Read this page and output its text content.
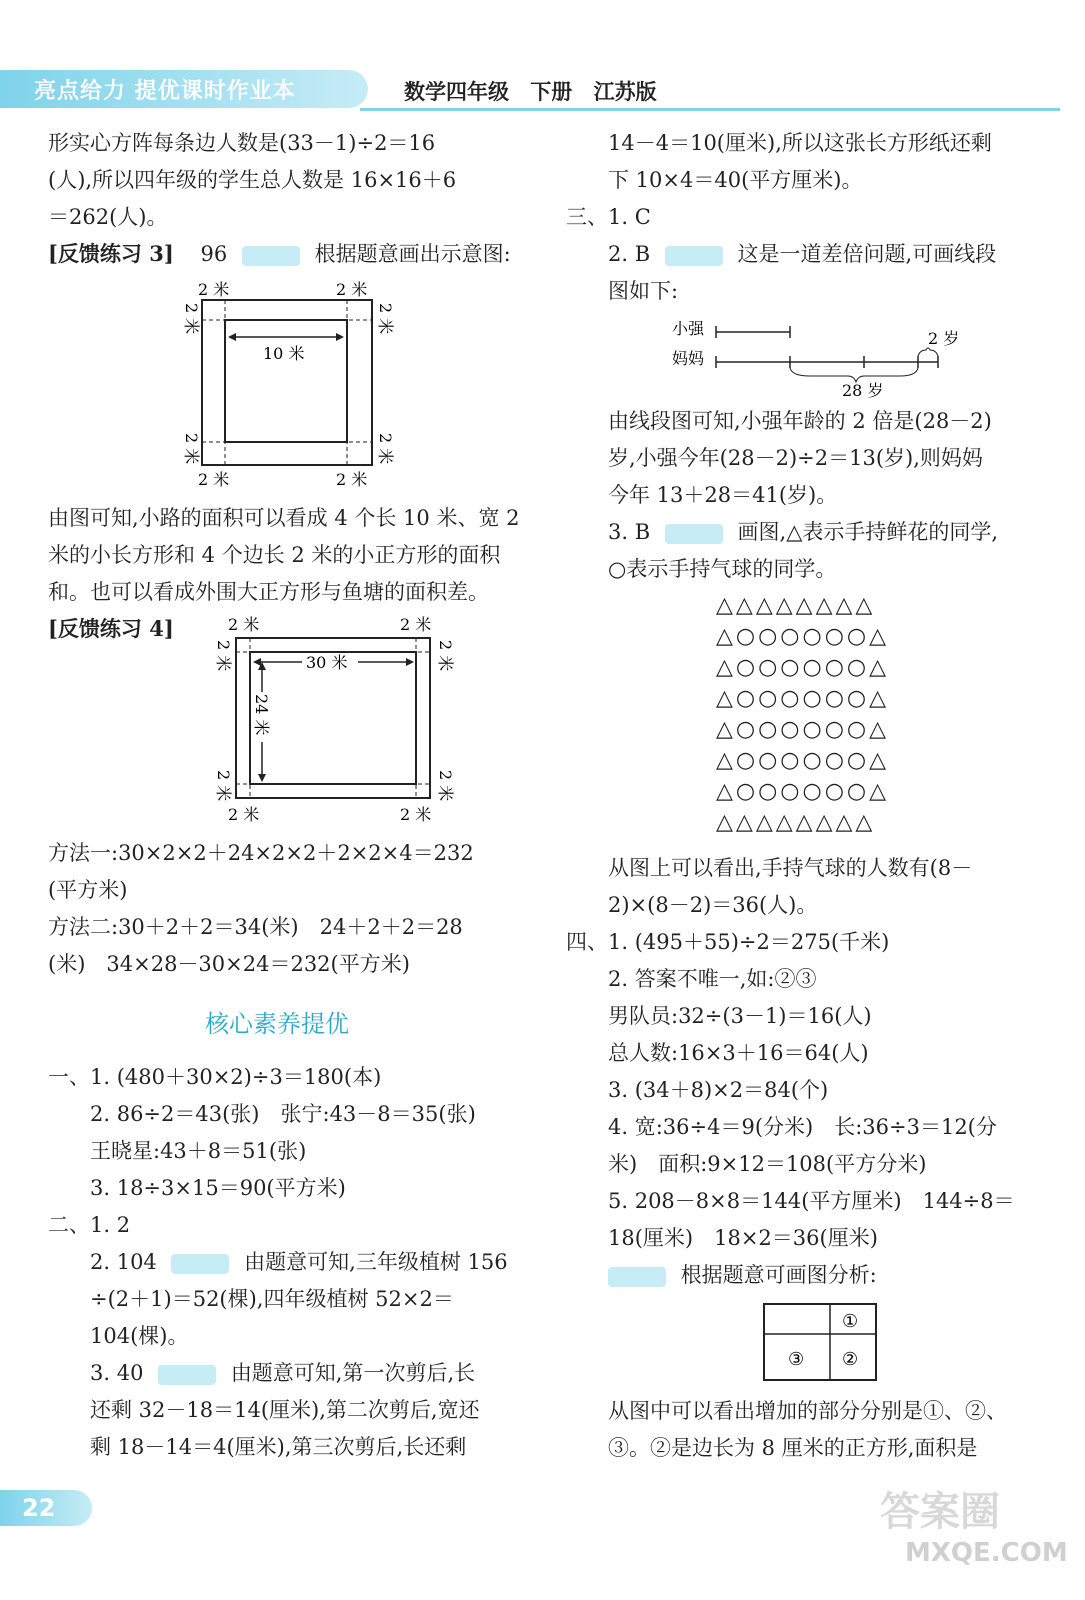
亮点给力 提优课时作业本	数学四年级 下册 江苏版
形实心方阵每条边人数是(33－1)÷2＝16
(人),所以四年级的学生总人数是 16×16＋6
＝262(人)。
[反馈练习 3] 96	根据题意画出示意图:
10 米
2 米	2 米
2 米	2 米
2 米	2 米
2 米	2 米
由图可知,小路的面积可以看成 4 个长 10 米、宽 2
米的小长方形和 4 个边长 2 米的小正方形的面积
和。也可以看成外围大正方形与鱼塘的面积差。
[反馈练习 4]
30 米
24 米
2 米	2 米
2 米	2 米
2 米	2 米
2 米	2 米
方法一:30×2×2＋24×2×2＋2×2×4＝232
(平方米)
方法二:30＋2＋2＝34(米)　24＋2＋2＝28
(米)　34×28－30×24＝232(平方米)
核心素养提优
一、1. (480＋30×2)÷3＝180(本)
2. 86÷2＝43(张)　张宁:43－8＝35(张)
王晓星:43＋8＝51(张)
3. 18÷3×15＝90(平方米)
二、1. 2
2. 104	由题意可知,三年级植树 156
÷(2＋1)＝52(棵),四年级植树 52×2＝
104(棵)。
3. 40	由题意可知,第一次剪后,长
还剩 32－18＝14(厘米),第二次剪后,宽还
剩 18－14＝4(厘米),第三次剪后,长还剩
14－4＝10(厘米),所以这张长方形纸还剩
下 10×4＝40(平方厘米)。
三、1. C
2. B	这是一道差倍问题,可画线段
图如下:
小强
妈妈
2 岁
28 岁
由线段图可知,小强年龄的 2 倍是(28－2)
岁,小强今年(28－2)÷2＝13(岁),则妈妈
今年 13＋28＝41(岁)。
3. B	画图,△表示手持鲜花的同学,
○表示手持气球的同学。
△△△△△△△△
△○○○○○○△
△○○○○○○△
△○○○○○○△
△○○○○○○△
△○○○○○○△
△○○○○○○△
△△△△△△△△
从图上可以看出,手持气球的人数有(8－
2)×(8－2)＝36(人)。
四、1. (495＋55)÷2＝275(千米)
2. 答案不唯一,如:②③
男队员:32÷(3－1)＝16(人)
总人数:16×3＋16＝64(人)
3. (34＋8)×2＝84(个)
4. 宽:36÷4＝9(分米)　长:36÷3＝12(分
米)　面积:9×12＝108(平方分米)
5. 208－8×8＝144(平方厘米)　144÷8＝
18(厘米)　18×2＝36(厘米)
根据题意可画图分析:
①
②
③
从图中可以看出增加的部分分别是①、②、
③。②是边长为 8 厘米的正方形,面积是
22	答案圈
MXQE.COM
